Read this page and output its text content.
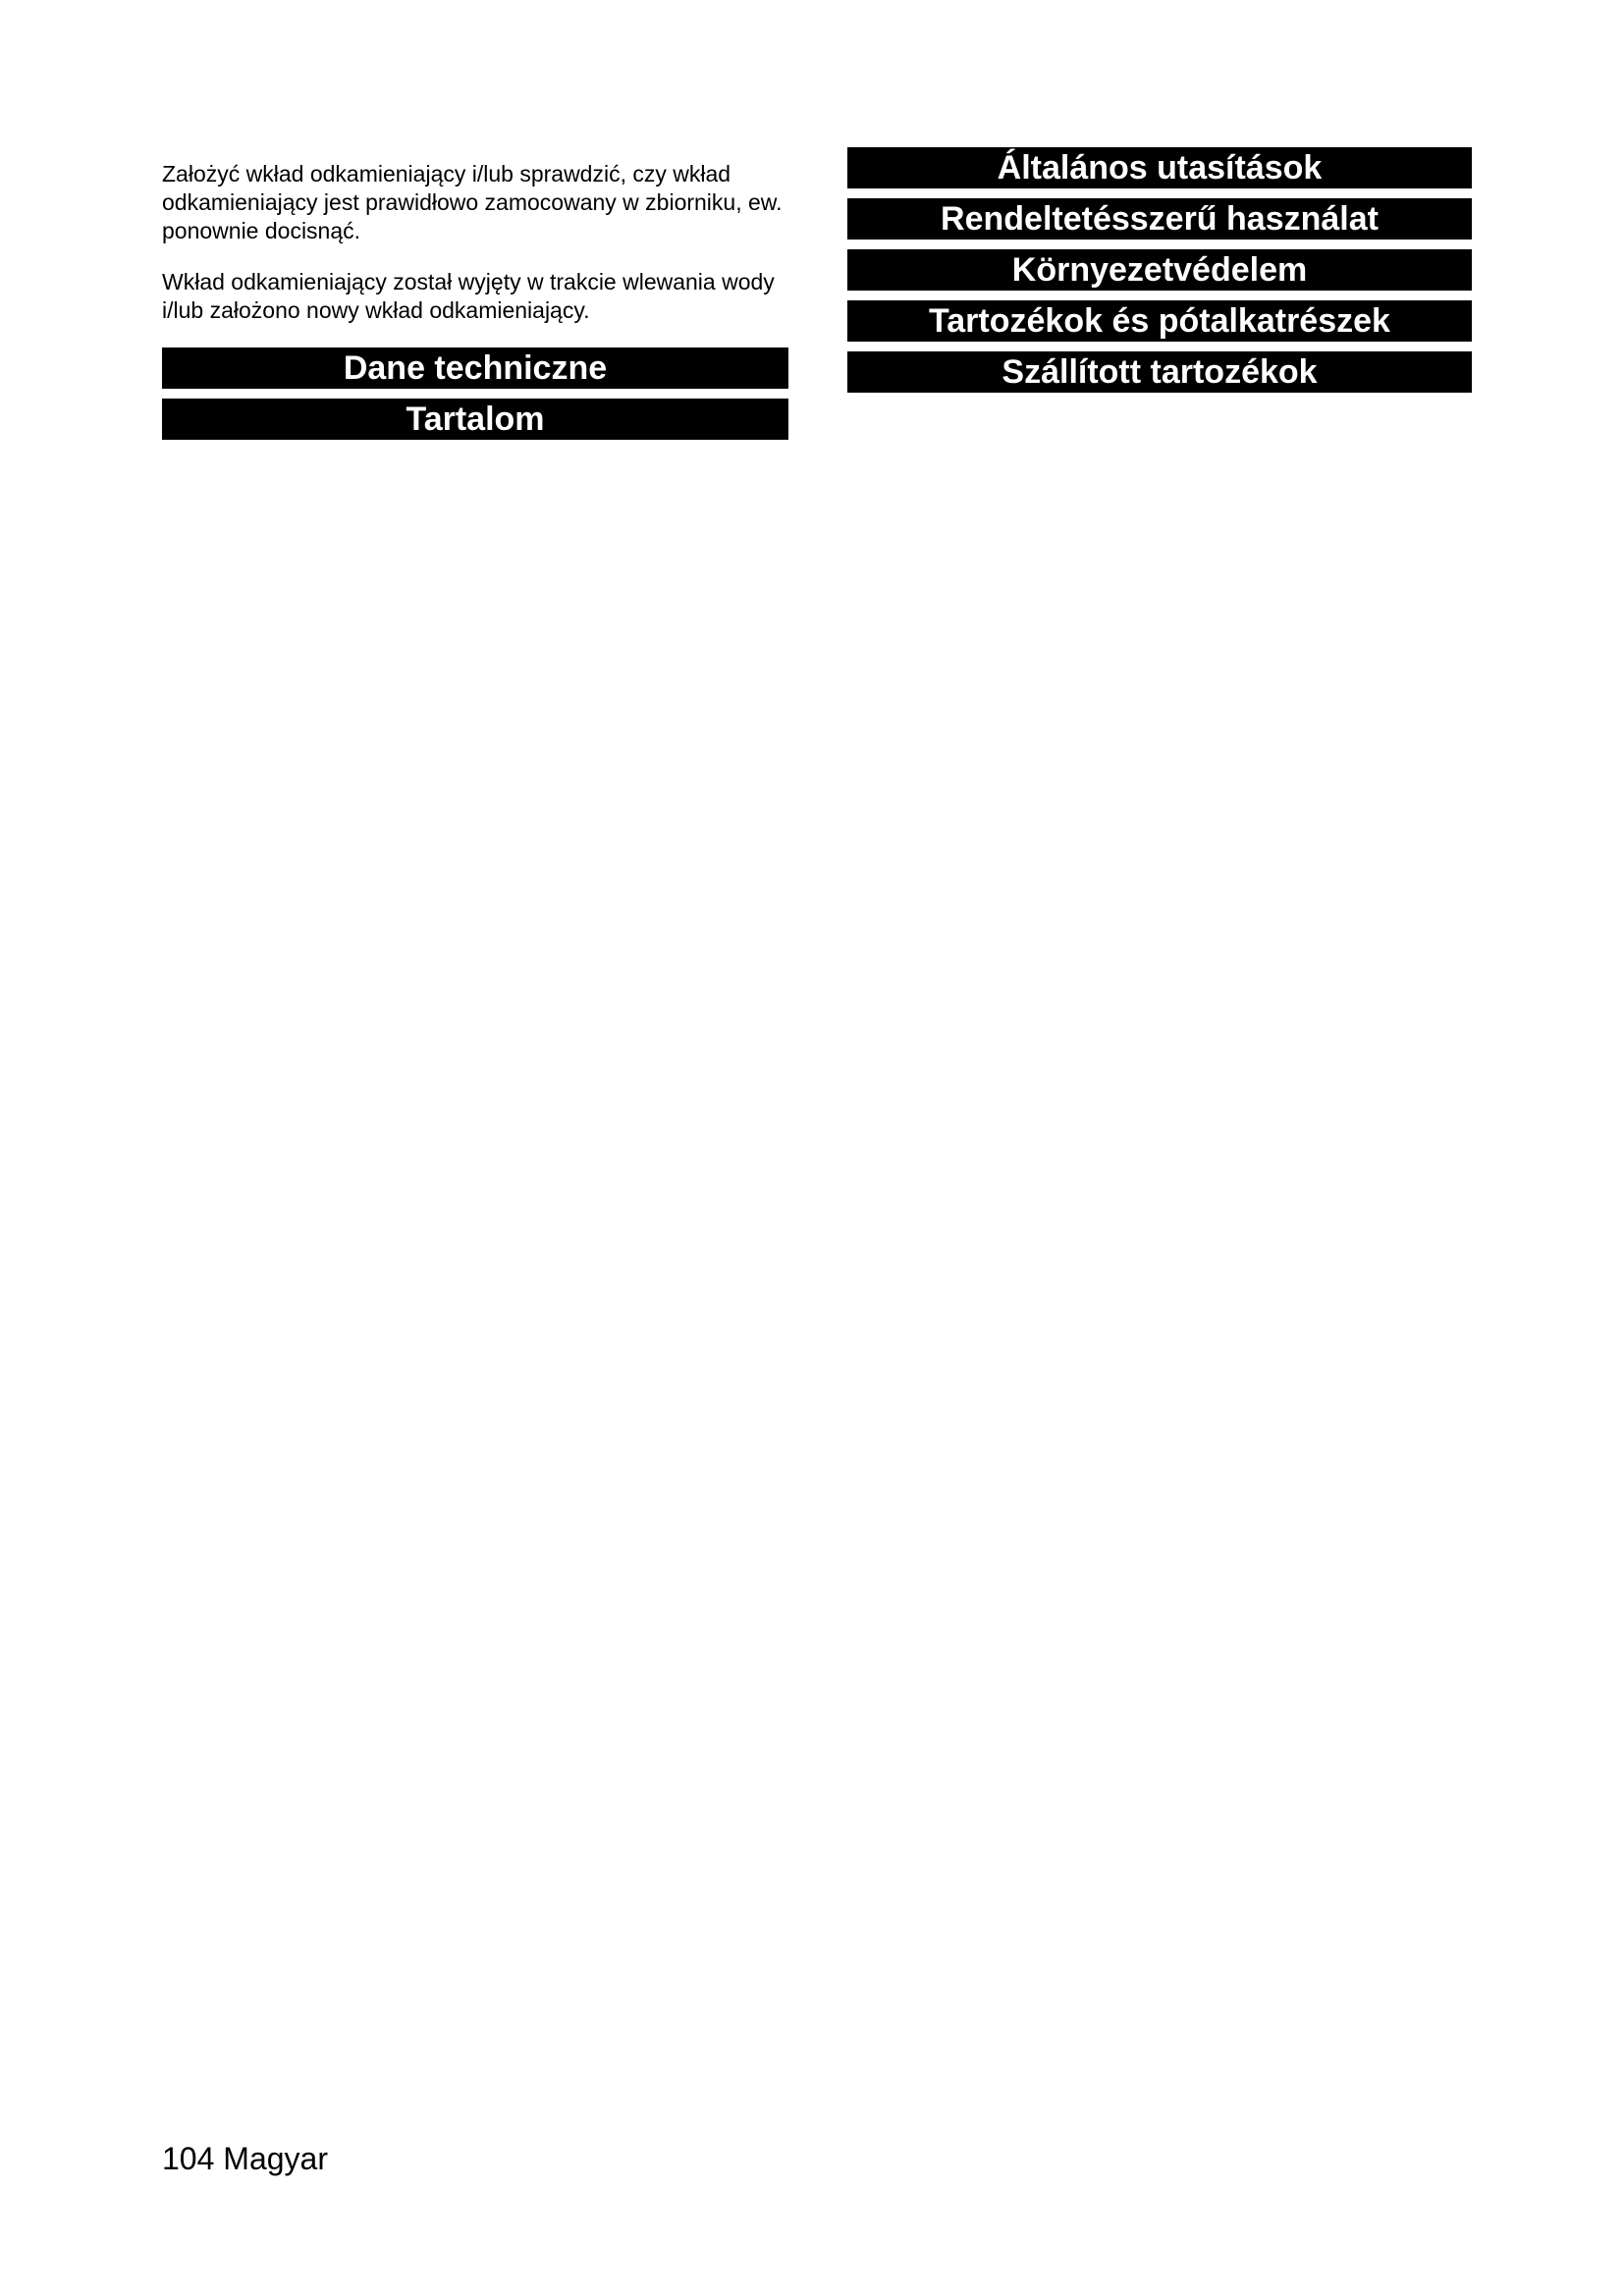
Założyć wkład odkamieniający i/lub sprawdzić, czy wkład odkamieniający jest prawidłowo zamocowany w zbiorniku, ew. ponownie docisnąć.

Wkład odkamieniający został wyjęty w trakcie wlewania wody i/lub założono nowy wkład odkamieniający.

Dane techniczne
Tartalom
Általános utasítások
Rendeltetésszerű használat
Környezetvédelem
Tartozékok és pótalkatrészek
Szállított tartozékok
104 Magyar
